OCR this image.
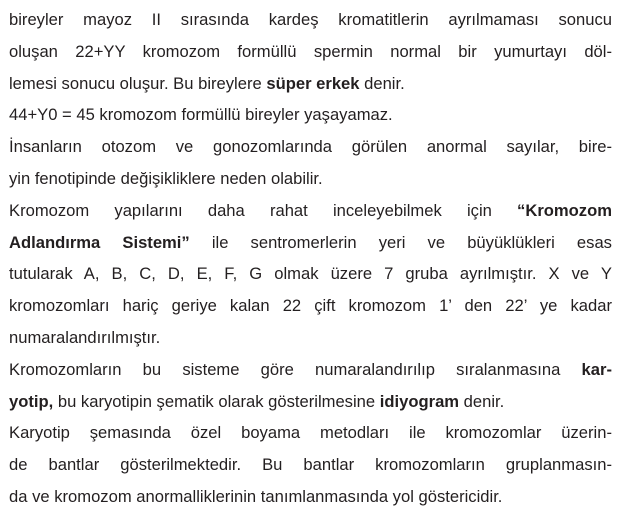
bireyler mayoz II sırasında kardeş kromatitlerin ayrılmaması sonucu
oluşan 22+YY kromozom formüllü spermin normal bir yumurtayı döl-
lemesi sonucu oluşur. Bu bireylere süper erkek denir.
44+Y0 = 45 kromozom formüllü bireyler yaşayamaz.
İnsanların otozom ve gonozomlarında görülen anormal sayılar, bire-
yin fenotipinde değişikliklere neden olabilir.
Kromozom yapılarını daha rahat inceleyebilmek için “Kromozom
Adlandırma Sistemi” ile sentromerlerin yeri ve büyüklükleri esas
tutularak A, B, C, D, E, F, G olmak üzere 7 gruba ayrılmıştır. X ve Y
kromozomları hariç geriye kalan 22 çift kromozom 1’ den 22’ ye kadar
numaralandırılmıştır.
Kromozomların bu sisteme göre numaralandırılıp sıralanmasına kar-
yotip, bu karyotipin şematik olarak gösterilmesine idiyogram denir.
Karyotip şemasında özel boyama metodları ile kromozomlar üzerin-
de bantlar gösterilmektedir. Bu bantlar kromozomların gruplanmasın-
da ve kromozom anormalliklerinin tanımlanmasında yol göstericidir.
